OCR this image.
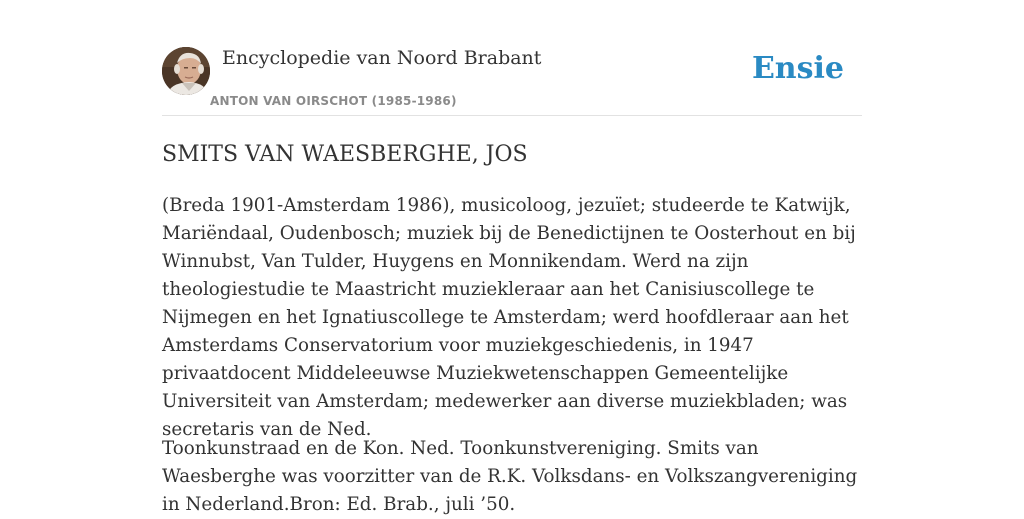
Encyclopedie van Noord Brabant
ANTON VAN OIRSCHOT (1985-1986)
Ensie
SMITS VAN WAESBERGHE, JOS

(Breda 1901-Amsterdam 1986), musicoloog, jezuïet; studeerde te Katwijk, Mariëndaal, Oudenbosch; muziek bij de Benedictijnen te Oosterhout en bij Winnubst, Van Tulder, Huygens en Monnikendam. Werd na zijn theologiestudie te Maastricht muziekleraar aan het Canisiuscollege te Nijmegen en het Ignatiuscollege te Amsterdam; werd hoofdleraar aan het Amsterdams Conservatorium voor muziekgeschiedenis, in 1947 privaatdocent Middeleeuwse Muziekwetenschappen Gemeentelijke Universiteit van Amsterdam; medewerker aan diverse muziekbladen; was secretaris van de Ned.

Toonkunstraad en de Kon. Ned. Toonkunstvereniging. Smits van Waesberghe was voorzitter van de R.K. Volksdans- en Volkszangvereniging in Nederland.Bron: Ed. Brab., juli ’50.
